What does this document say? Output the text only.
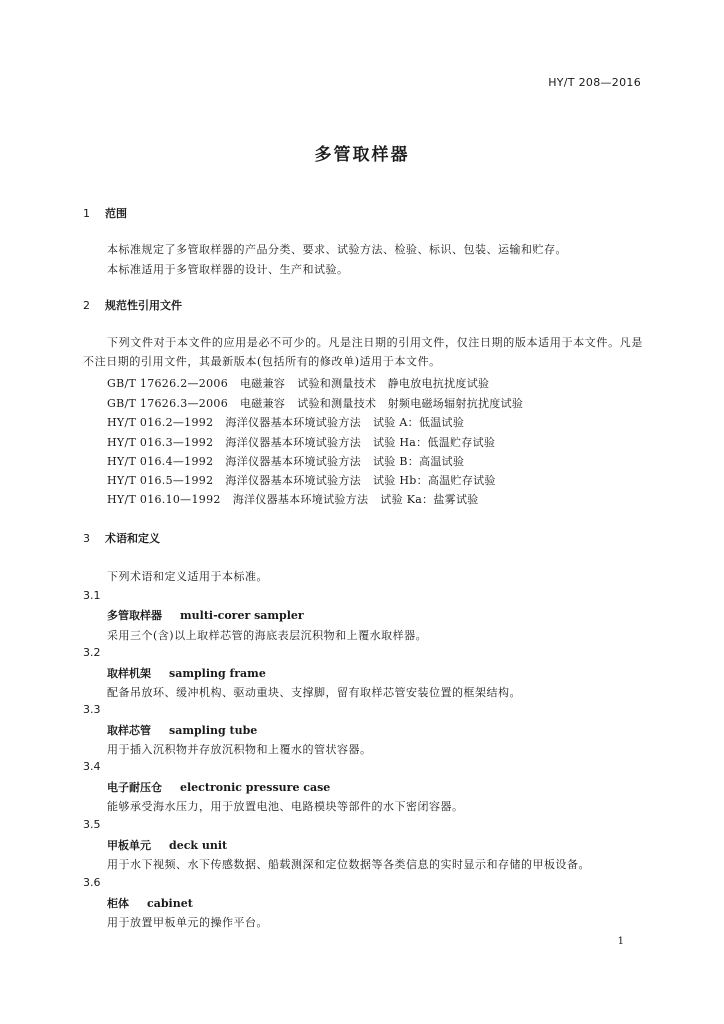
HY/T 208—2016
多管取样器
1 范围
本标准规定了多管取样器的产品分类、要求、试验方法、检验、标识、包装、运输和贮存。
本标准适用于多管取样器的设计、生产和试验。
2 规范性引用文件
下列文件对于本文件的应用是必不可少的。凡是注日期的引用文件，仅注日期的版本适用于本文件。凡是不注日期的引用文件，其最新版本(包括所有的修改单)适用于本文件。
GB/T 17626.2—2006 电磁兼容 试验和测量技术　静电放电抗扰度试验
GB/T 17626.3—2006 电磁兼容 试验和测量技术　射频电磁场辐射抗扰度试验
HY/T 016.2—1992 海洋仪器基本环境试验方法 试验 A：低温试验
HY/T 016.3—1992 海洋仪器基本环境试验方法 试验 Ha：低温贮存试验
HY/T 016.4—1992 海洋仪器基本环境试验方法 试验 B：高温试验
HY/T 016.5—1992 海洋仪器基本环境试验方法 试验 Hb：高温贮存试验
HY/T 016.10—1992 海洋仪器基本环境试验方法 试验 Ka：盐雾试验
3 术语和定义
下列术语和定义适用于本标准。
3.1
多管取样器 multi-corer sampler
采用三个(含)以上取样芯管的海底表层沉积物和上覆水取样器。
3.2
取样机架 sampling frame
配备吊放环、缓冲机构、驱动重块、支撑脚，留有取样芯管安装位置的框架结构。
3.3
取样芯管 sampling tube
用于插入沉积物并存放沉积物和上覆水的管状容器。
3.4
电子耐压仓 electronic pressure case
能够承受海水压力，用于放置电池、电路模块等部件的水下密闭容器。
3.5
甲板单元 deck unit
用于水下视频、水下传感数据、船载测深和定位数据等各类信息的实时显示和存储的甲板设备。
3.6
柜体 cabinet
用于放置甲板单元的操作平台。
1
